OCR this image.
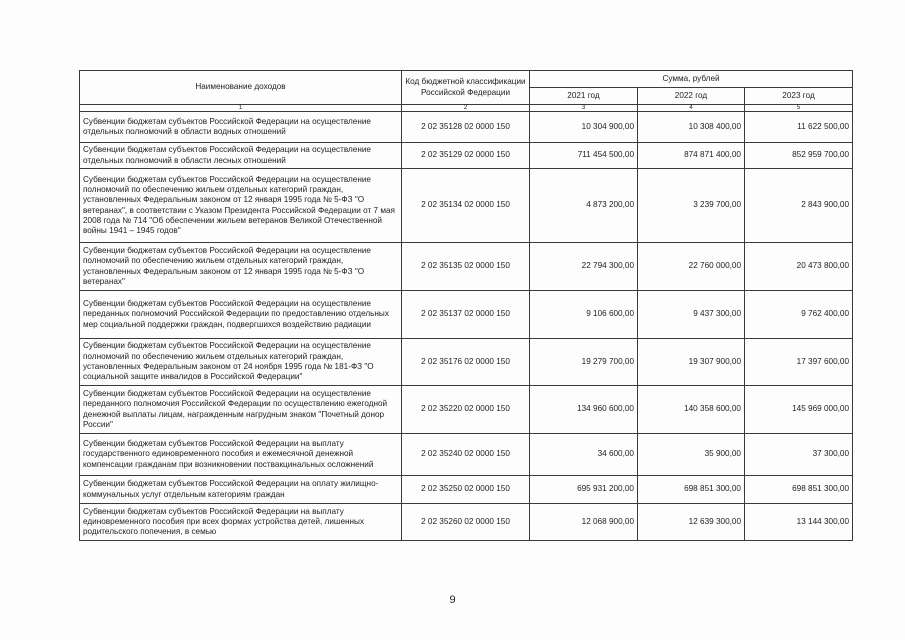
Наименование доходов	Код бюджетной классификации Российской Федерации	Сумма, рублей		
		2021 год	2022 год	2023 год
1	2	3	4	5
Субвенции бюджетам субъектов Российской Федерации на осуществление отдельных полномочий в области водных отношений	2 02 35128 02 0000 150	10 304 900,00	10 308 400,00	11 622 500,00
Субвенции бюджетам субъектов Российской Федерации на осуществление отдельных полномочий в области лесных отношений	2 02 35129 02 0000 150	711 454 500,00	874 871 400,00	852 959 700,00
Субвенции бюджетам субъектов Российской Федерации на осуществление полномочий по обеспечению жильем отдельных категорий граждан, установленных Федеральным законом от 12 января 1995 года № 5-ФЗ "О ветеранах", в соответствии с Указом Президента Российской Федерации от 7 мая 2008 года № 714 "Об обеспечении жильем ветеранов Великой Отечественной войны 1941 – 1945 годов"	2 02 35134 02 0000 150	4 873 200,00	3 239 700,00	2 843 900,00
Субвенции бюджетам субъектов Российской Федерации на осуществление полномочий по обеспечению жильем отдельных категорий граждан, установленных Федеральным законом от 12 января 1995 года № 5-ФЗ "О ветеранах"	2 02 35135 02 0000 150	22 794 300,00	22 760 000,00	20 473 800,00
Субвенции бюджетам субъектов Российской Федерации на осуществление переданных полномочий Российской Федерации по предоставлению отдельных мер социальной поддержки граждан, подвергшихся воздействию радиации	2 02 35137 02 0000 150	9 106 600,00	9 437 300,00	9 762 400,00
Субвенции бюджетам субъектов Российской Федерации на осуществление полномочий по обеспечению жильем отдельных категорий граждан, установленных Федеральным законом от 24 ноября 1995 года № 181-ФЗ "О социальной защите инвалидов в Российской Федерации"	2 02 35176 02 0000 150	19 279 700,00	19 307 900,00	17 397 600,00
Субвенции бюджетам субъектов Российской Федерации на осуществление переданного полномочия Российской Федерации по осуществлению ежегодной денежной выплаты лицам, награжденным нагрудным знаком "Почетный донор России"	2 02 35220 02 0000 150	134 960 600,00	140 358 600,00	145 969 000,00
Субвенции бюджетам субъектов Российской Федерации на выплату государственного единовременного пособия и ежемесячной денежной компенсации гражданам при возникновении поствакцинальных осложнений	2 02 35240 02 0000 150	34 600,00	35 900,00	37 300,00
Субвенции бюджетам субъектов Российской Федерации на оплату жилищно-коммунальных услуг отдельным категориям граждан	2 02 35250 02 0000 150	695 931 200,00	698 851 300,00	698 851 300,00
Субвенции бюджетам субъектов Российской Федерации на выплату единовременного пособия при всех формах устройства детей, лишенных родительского попечения, в семью	2 02 35260 02 0000 150	12 068 900,00	12 639 300,00	13 144 300,00
9
